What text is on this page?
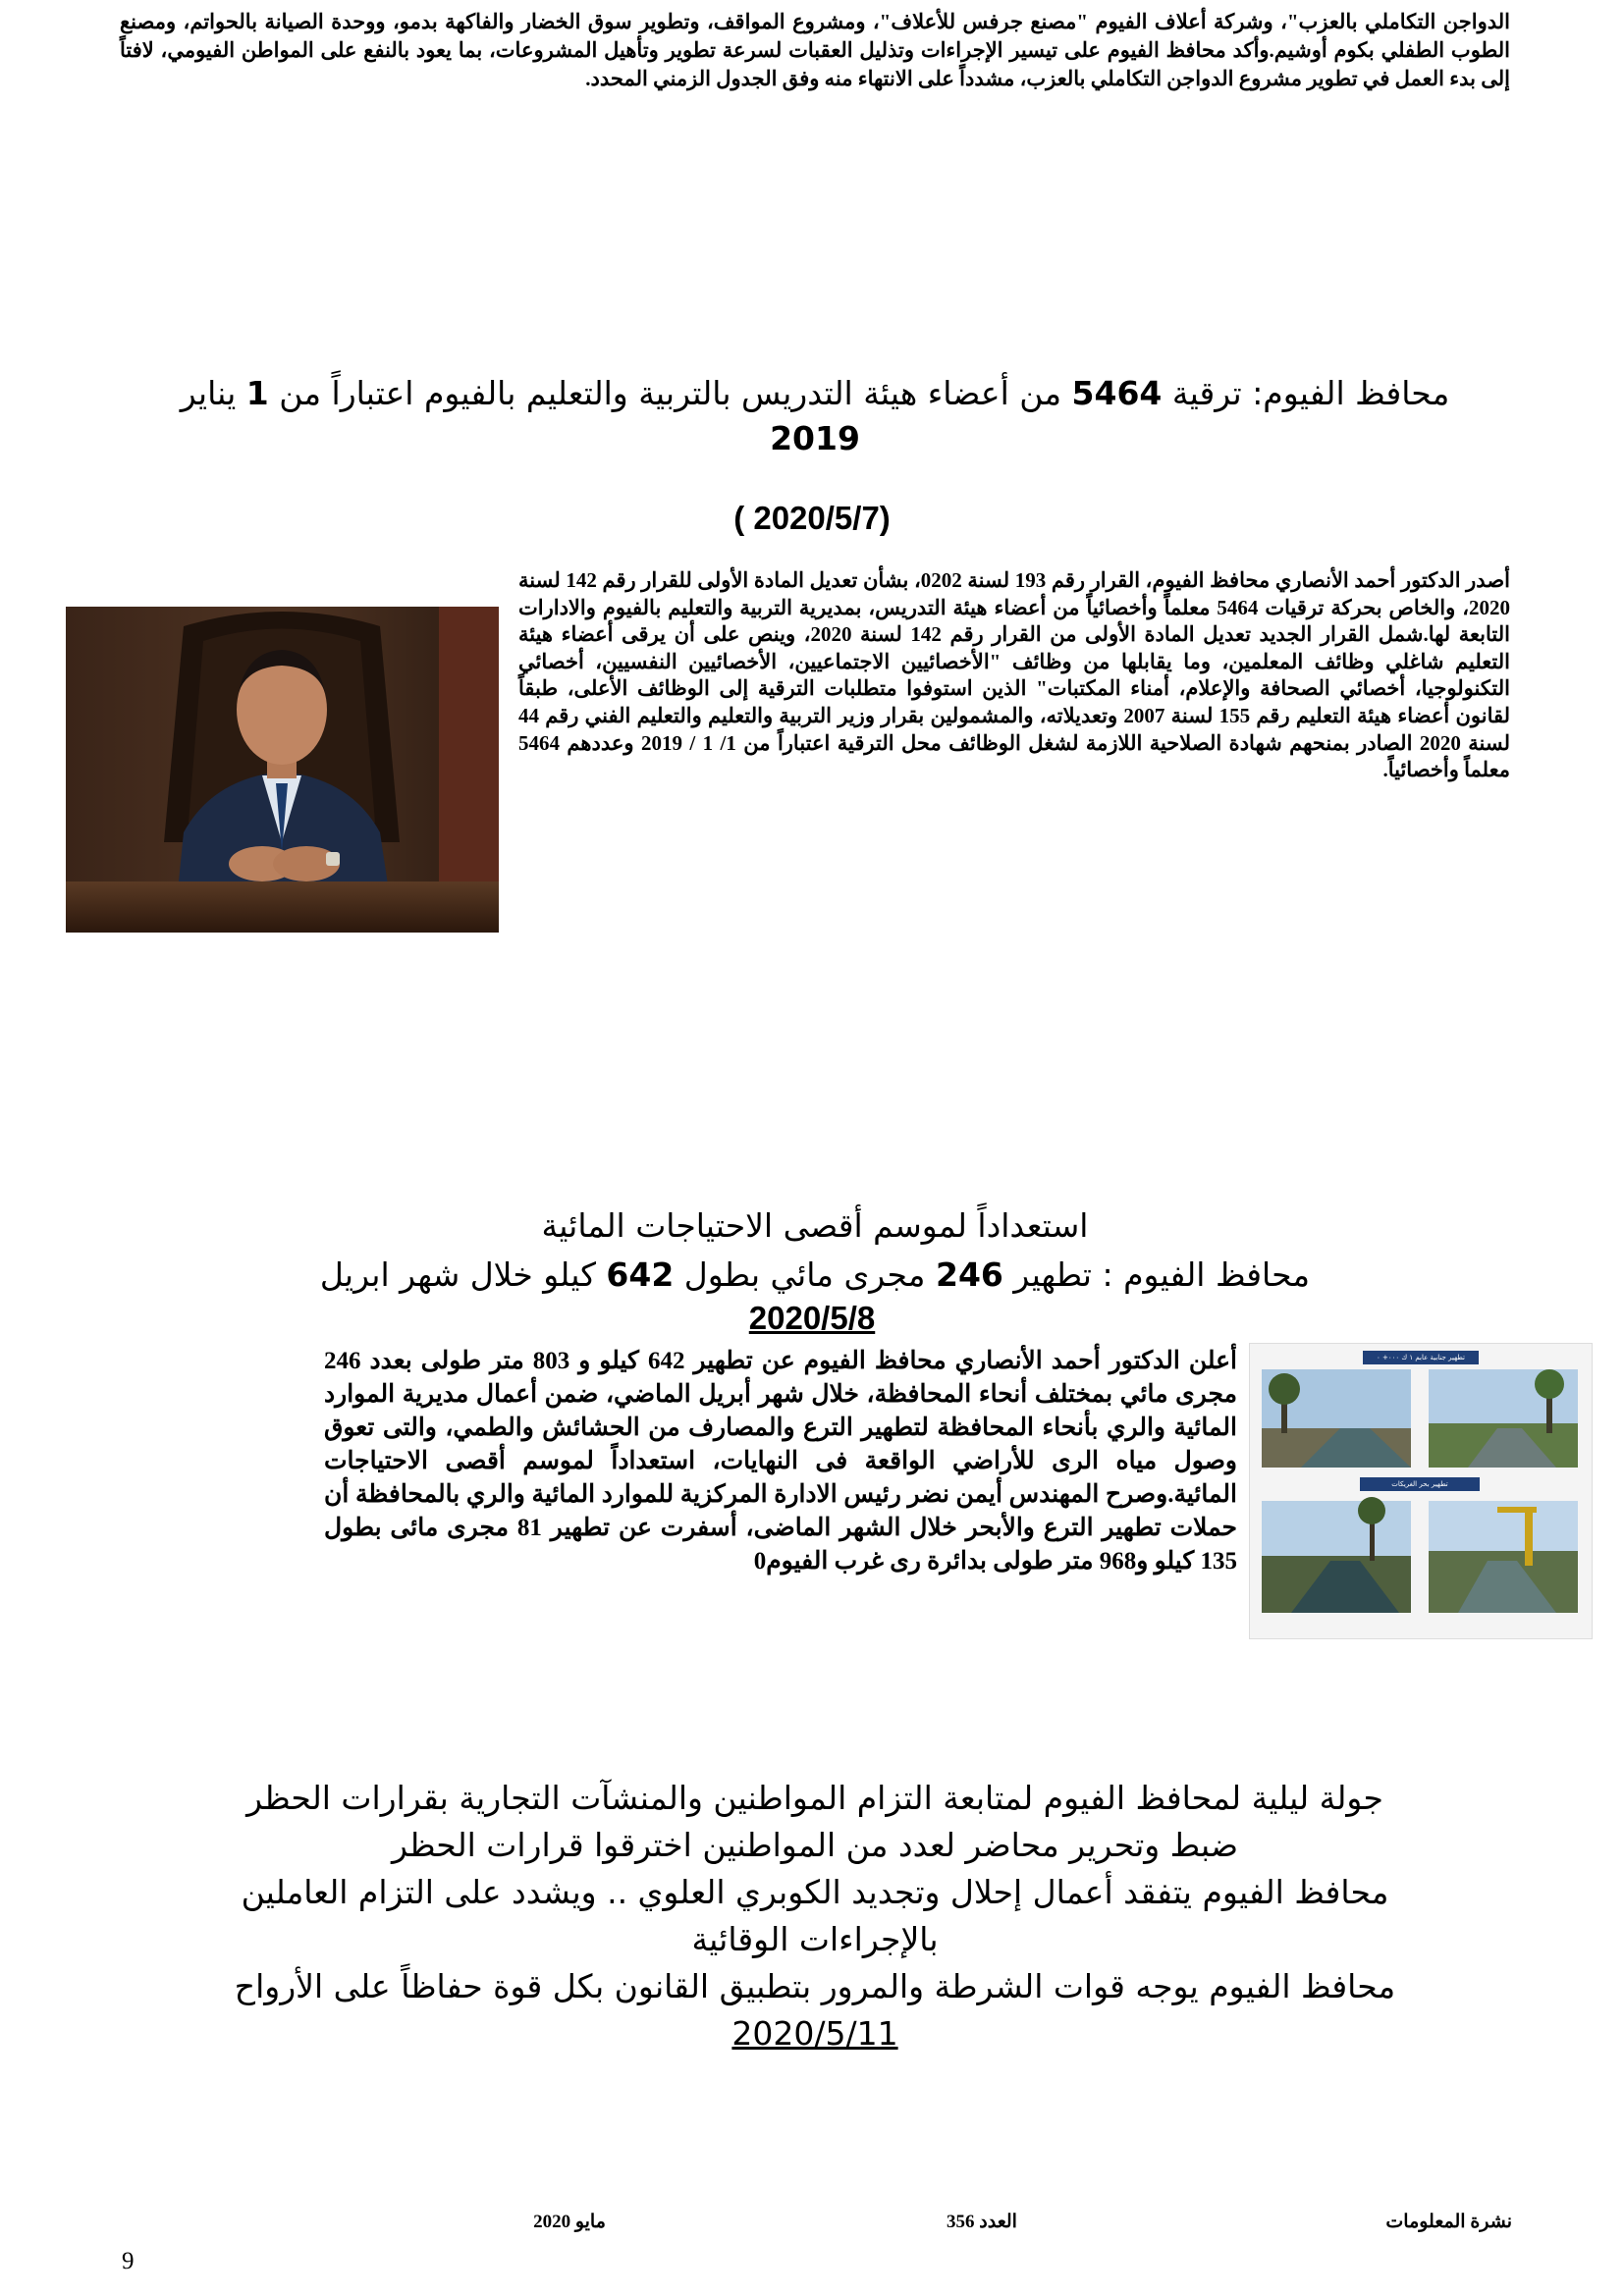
الدواجن التكاملي بالعزب"، وشركة أعلاف الفيوم "مصنع جرفس للأعلاف"، ومشروع المواقف، وتطوير سوق الخضار والفاكهة بدمو، ووحدة الصيانة بالحواتم، ومصنع الطوب الطفلي بكوم أوشيم.وأكد محافظ الفيوم على تيسير الإجراءات وتذليل العقبات لسرعة تطوير وتأهيل المشروعات، بما يعود بالنفع على المواطن الفيومي، لافتاً إلى بدء العمل في تطوير مشروع الدواجن التكاملي بالعزب، مشدداً على الانتهاء منه وفق الجدول الزمني المحدد.

محافظ الفيوم: ترقية 5464 من أعضاء هيئة التدريس بالتربية والتعليم بالفيوم اعتباراً من 1 يناير
2019

( 2020/5/7)

أصدر الدكتور أحمد الأنصاري محافظ الفيوم، القرار رقم 193 لسنة 0202، بشأن تعديل المادة الأولى للقرار رقم 142 لسنة 2020، والخاص بحركة ترقيات 5464 معلماً وأخصائياً من أعضاء هيئة التدريس، بمديرية التربية والتعليم بالفيوم والادارات التابعة لها.شمل القرار الجديد تعديل المادة الأولى من القرار رقم 142 لسنة 2020، وينص على أن يرقى أعضاء هيئة التعليم شاغلي وظائف المعلمين، وما يقابلها من وظائف "الأخصائيين الاجتماعيين، الأخصائيين النفسيين، أخصائي التكنولوجيا، أخصائي الصحافة والإعلام، أمناء المكتبات" الذين استوفوا متطلبات الترقية إلى الوظائف الأعلى، طبقاً لقانون أعضاء هيئة التعليم رقم 155 لسنة 2007 وتعديلاته، والمشمولين بقرار وزير التربية والتعليم والتعليم الفني رقم 44 لسنة 2020 الصادر بمنحهم شهادة الصلاحية اللازمة لشغل الوظائف محل الترقية اعتباراً من 1/ 1 / 2019 وعددهم 5464 معلماً وأخصائياً.

استعداداً لموسم أقصى الاحتياجات المائية
محافظ الفيوم : تطهير 246 مجرى مائي بطول 642 كيلو خلال شهر ابريل

2020/5/8

تطهير جنابية عابم ١ ك ٠٠٠+ ٠
تطهير بحر الغريكات

أعلن الدكتور أحمد الأنصاري محافظ الفيوم عن تطهير 642 كيلو و 803 متر طولى بعدد 246 مجرى مائي بمختلف أنحاء المحافظة، خلال شهر أبريل الماضي، ضمن أعمال مديرية الموارد المائية والري بأنحاء المحافظة لتطهير الترع والمصارف من الحشائش والطمي، والتى تعوق وصول مياه الرى للأراضي الواقعة فى النهايات، استعداداً لموسم أقصى الاحتياجات المائية.وصرح المهندس أيمن نضر رئيس الادارة المركزية للموارد المائية والري بالمحافظة أن حملات تطهير الترع والأبحر خلال الشهر الماضى، أسفرت عن تطهير 81 مجرى مائى بطول 135 كيلو و968 متر طولى بدائرة رى غرب الفيوم0

جولة ليلية لمحافظ الفيوم لمتابعة التزام المواطنين والمنشآت التجارية بقرارات الحظر
ضبط وتحرير محاضر لعدد من المواطنين اخترقوا قرارات الحظر
محافظ الفيوم يتفقد أعمال إحلال وتجديد الكوبري العلوي .. ويشدد على التزام العاملين
بالإجراءات الوقائية
محافظ الفيوم يوجه قوات الشرطة والمرور بتطبيق القانون بكل قوة حفاظاً على الأرواح
2020/5/11
نشرة المعلومات
العدد 356
مايو 2020
9
